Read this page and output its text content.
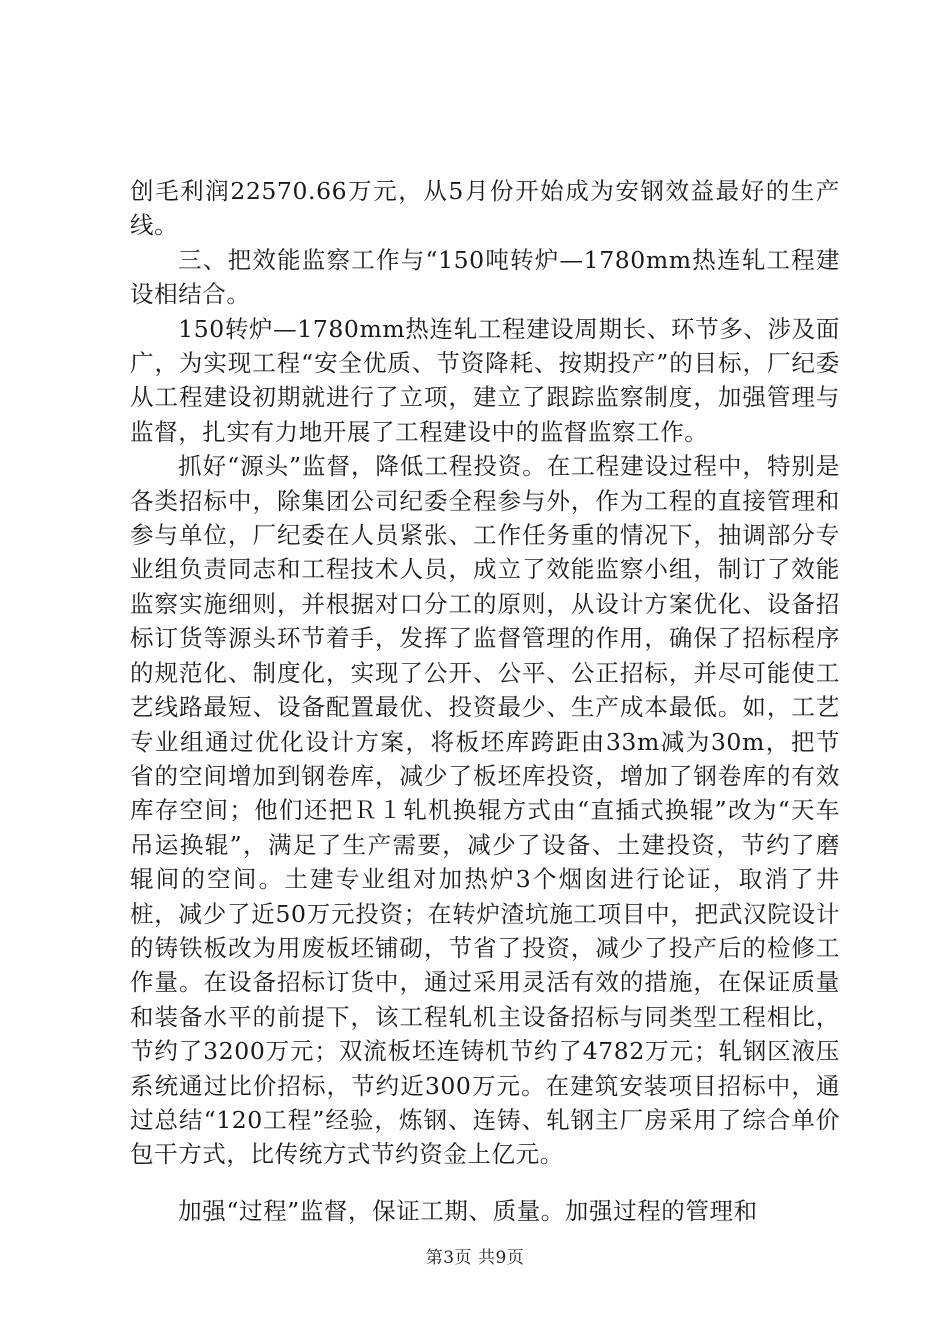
创毛利润22570.66万元，从5月份开始成为安钢效益最好的生产线。

三、把效能监察工作与“150吨转炉—1780mm热连轧工程建设相结合。

150转炉—1780mm热连轧工程建设周期长、环节多、涉及面广，为实现工程“安全优质、节资降耗、按期投产”的目标，厂纪委从工程建设初期就进行了立项，建立了跟踪监察制度，加强管理与监督，扎实有力地开展了工程建设中的监督监察工作。

抓好“源头”监督，降低工程投资。在工程建设过程中，特别是各类招标中，除集团公司纪委全程参与外，作为工程的直接管理和参与单位，厂纪委在人员紧张、工作任务重的情况下，抽调部分专业组负责同志和工程技术人员，成立了效能监察小组，制订了效能监察实施细则，并根据对口分工的原则，从设计方案优化、设备招标订货等源头环节着手，发挥了监督管理的作用，确保了招标程序的规范化、制度化，实现了公开、公平、公正招标，并尽可能使工艺线路最短、设备配置最优、投资最少、生产成本最低。如，工艺专业组通过优化设计方案，将板坯库跨距由33m减为30m，把节省的空间增加到钢卷库，减少了板坯库投资，增加了钢卷库的有效库存空间；他们还把Ｒ１轧机换辊方式由“直插式换辊”改为“天车吊运换辊”，满足了生产需要，减少了设备、土建投资，节约了磨辊间的空间。土建专业组对加热炉3个烟囱进行论证，取消了井桩，减少了近50万元投资；在转炉渣坑施工项目中，把武汉院设计的铸铁板改为用废板坯铺砌，节省了投资，减少了投产后的检修工作量。在设备招标订货中，通过采用灵活有效的措施，在保证质量和装备水平的前提下，该工程轧机主设备招标与同类型工程相比，节约了3200万元；双流板坯连铸机节约了4782万元；轧钢区液压系统通过比价招标，节约近300万元。在建筑安装项目招标中，通过总结“120工程”经验，炼钢、连铸、轧钢主厂房采用了综合单价包干方式，比传统方式节约资金上亿元。

加强“过程”监督，保证工期、质量。加强过程的管理和

第3页 共9页
